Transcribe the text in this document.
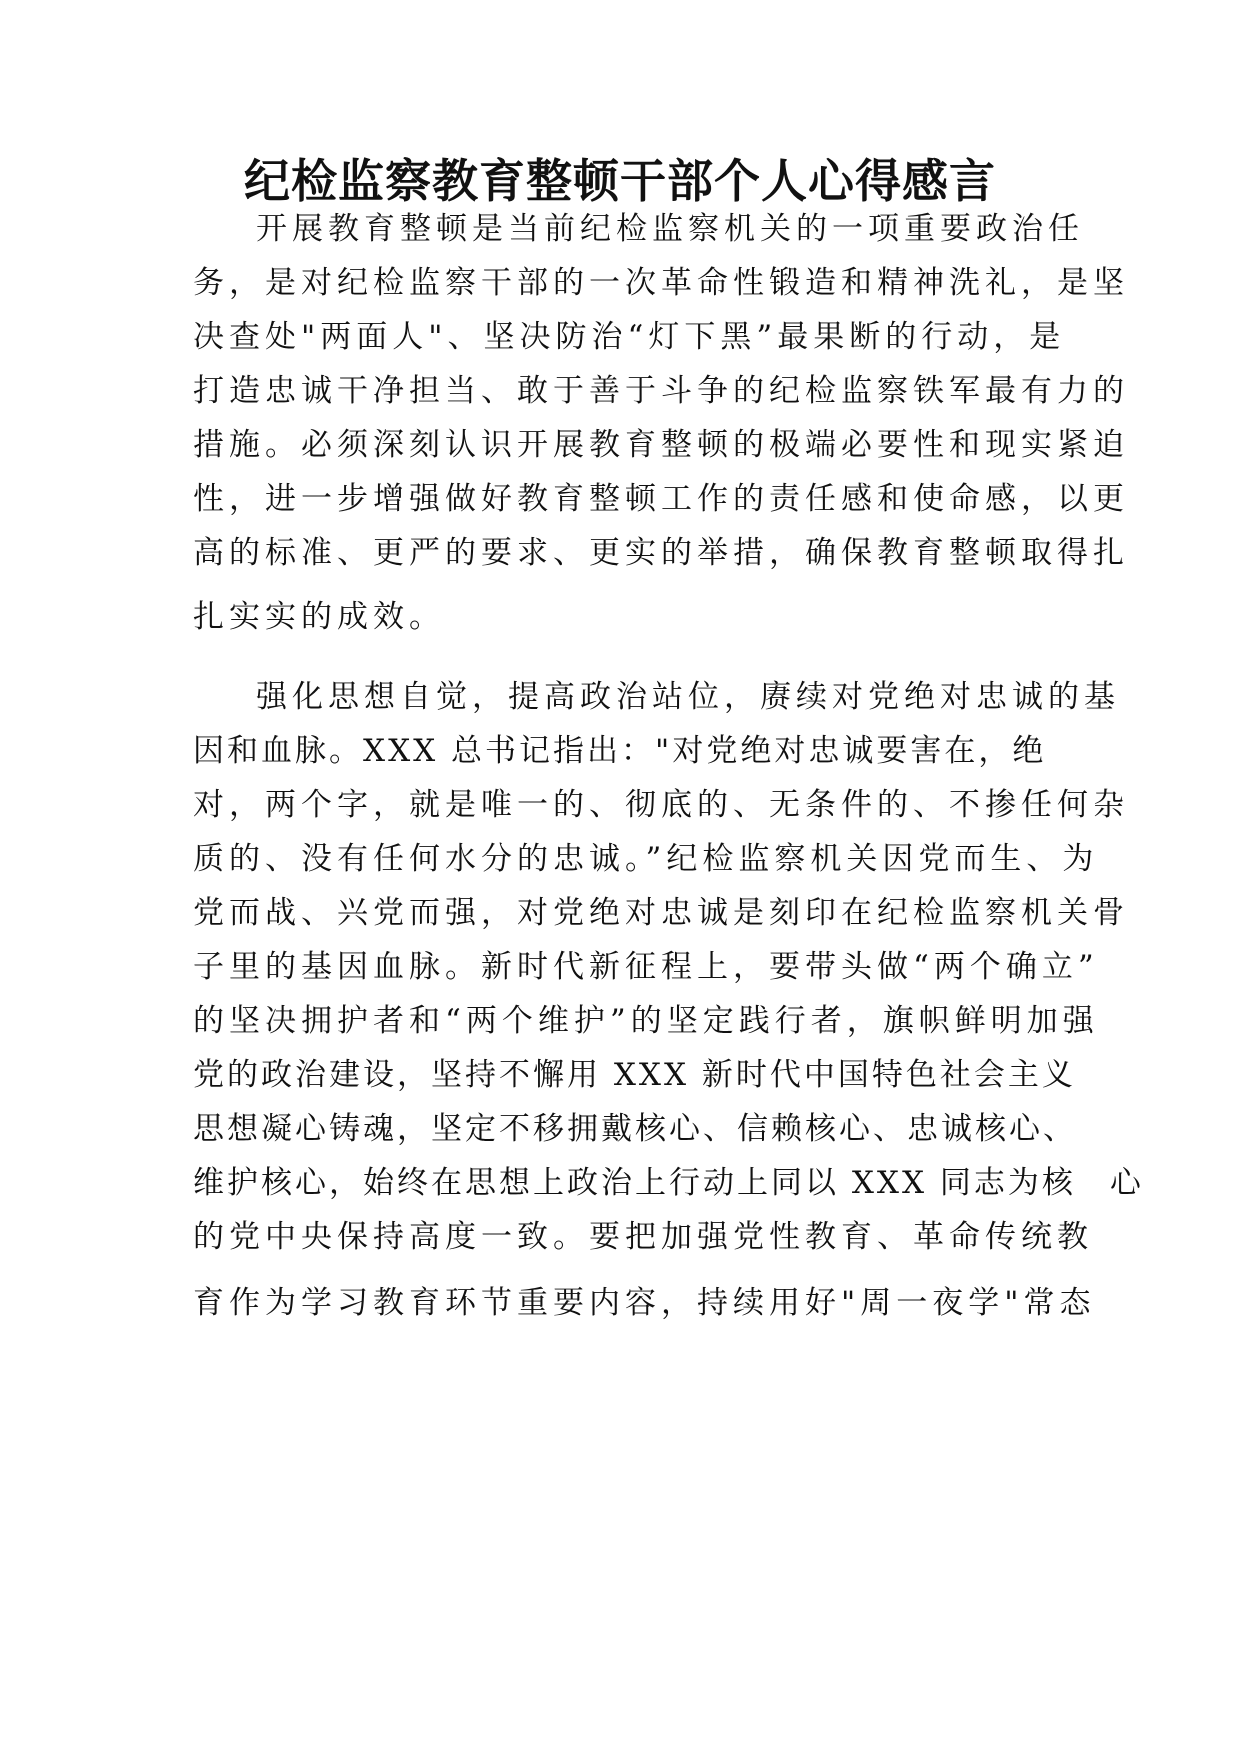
纪检监察教育整顿干部个人心得感言

开展教育整顿是当前纪检监察机关的一项重要政治任

务，是对纪检监察干部的一次革命性锻造和精神洗礼，是坚

决查处"两面人"、坚决防治“灯下黑”最果断的行动，是

打造忠诚干净担当、敢于善于斗争的纪检监察铁军最有力的

措施。必须深刻认识开展教育整顿的极端必要性和现实紧迫

性，进一步增强做好教育整顿工作的责任感和使命感，以更

高的标准、更严的要求、更实的举措，确保教育整顿取得扎

扎实实的成效。

强化思想自觉，提高政治站位，赓续对党绝对忠诚的基

因和血脉。XXX 总书记指出："对党绝对忠诚要害在，绝

对，两个字，就是唯一的、彻底的、无条件的、不掺任何杂

质的、没有任何水分的忠诚。”纪检监察机关因党而生、为

党而战、兴党而强，对党绝对忠诚是刻印在纪检监察机关骨

子里的基因血脉。新时代新征程上，要带头做“两个确立”

的坚决拥护者和“两个维护”的坚定践行者，旗帜鲜明加强

党的政治建设，坚持不懈用 XXX 新时代中国特色社会主义

思想凝心铸魂，坚定不移拥戴核心、信赖核心、忠诚核心、

维护核心，始终在思想上政治上行动上同以 XXX 同志为核　心

的党中央保持高度一致。要把加强党性教育、革命传统教

育作为学习教育环节重要内容，持续用好"周一夜学"常态
